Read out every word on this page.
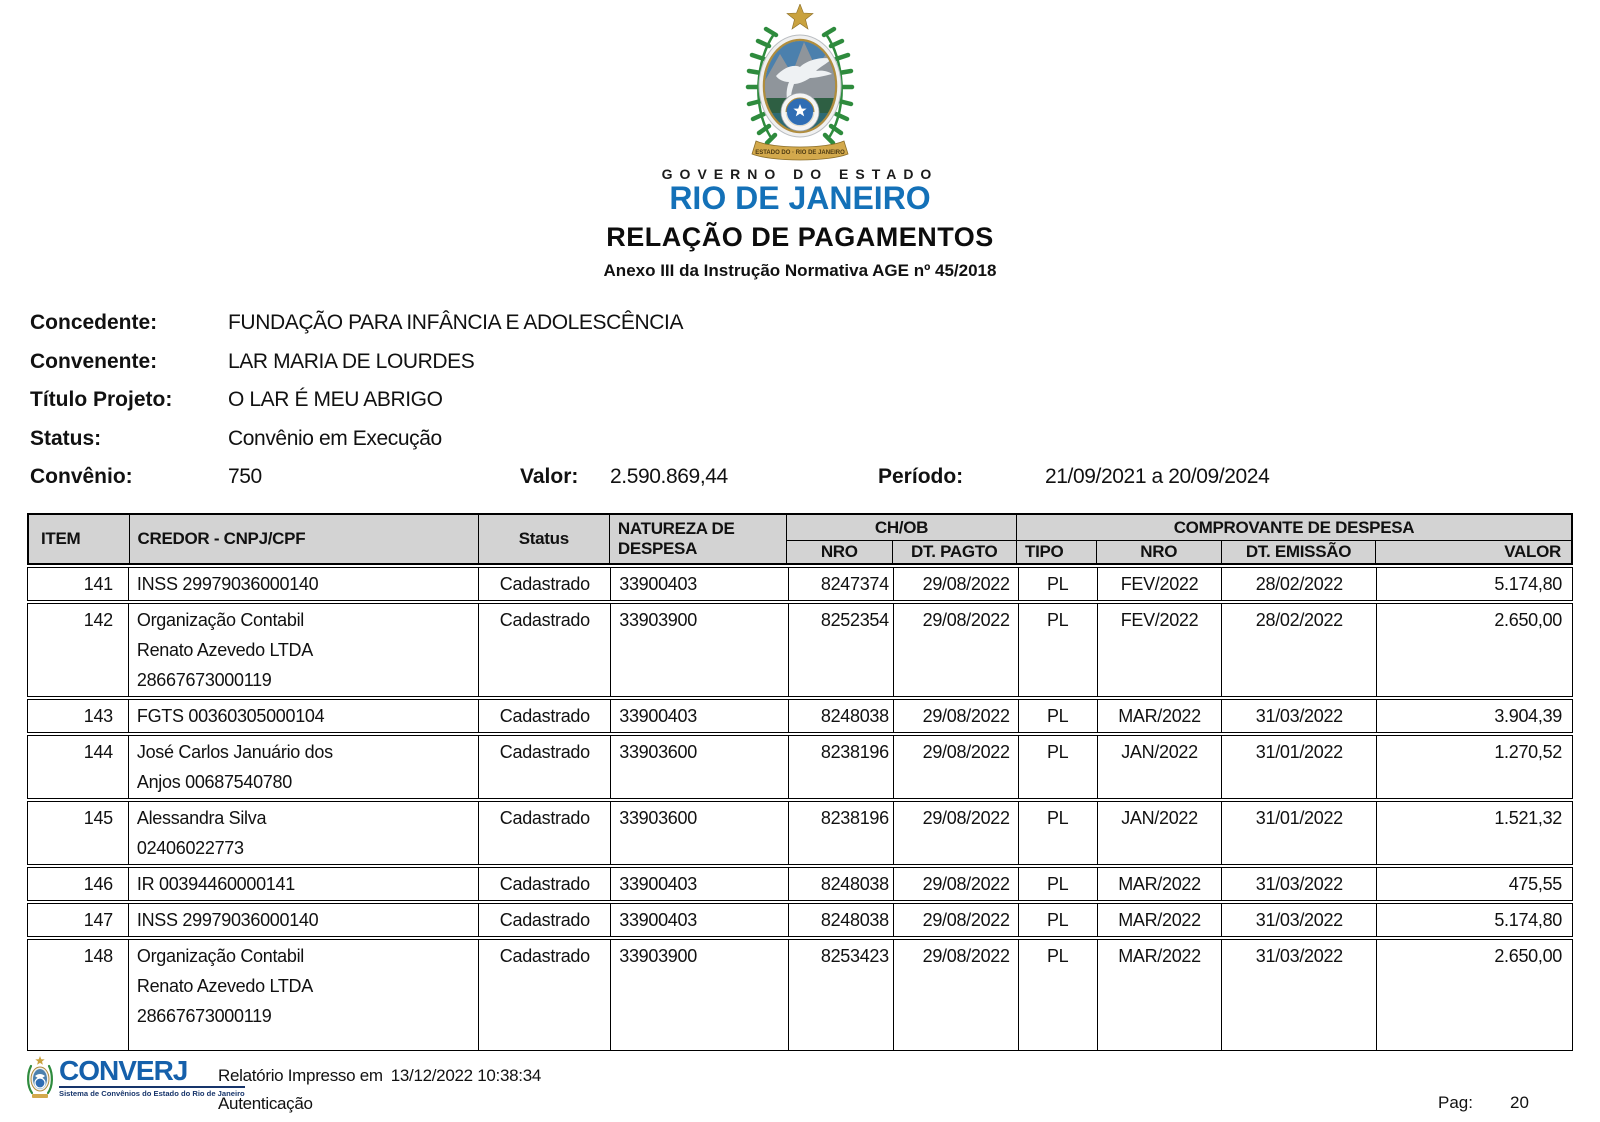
ESTADO DO · RIO DE JANEIRO
GOVERNO DO ESTADO
RIO DE JANEIRO
RELAÇÃO DE PAGAMENTOS
Anexo III da Instrução Normativa AGE nº 45/2018
Concedente:	FUNDAÇÃO PARA INFÂNCIA E ADOLESCÊNCIA
Convenente:	LAR MARIA DE LOURDES
Título Projeto:	O LAR É MEU ABRIGO
Status:	Convênio em Execução
Convênio:	750	Valor: 2.590.869,44	Período:	21/09/2021 a 20/09/2024
ITEM	CREDOR - CNPJ/CPF	Status
NATUREZA DE DESPESA
CH/OB
NRO	DT. PAGTO
COMPROVANTE DE DESPESA
TIPO	NRO	DT. EMISSÃO	VALOR
141	INSS 29979036000140	Cadastrado	33900403	8247374	29/08/2022	PL	FEV/2022	28/02/2022	5.174,80
142	Organização Contabil
Renato Azevedo LTDA
28667673000119
Cadastrado	33903900	8252354	29/08/2022	PL	FEV/2022	28/02/2022	2.650,00
143	FGTS 00360305000104	Cadastrado	33900403	8248038	29/08/2022	PL	MAR/2022	31/03/2022	3.904,39
144	José Carlos Januário dos
Anjos 00687540780
Cadastrado	33903600	8238196	29/08/2022	PL	JAN/2022	31/01/2022	1.270,52
145	Alessandra Silva
02406022773
Cadastrado	33903600	8238196	29/08/2022	PL	JAN/2022	31/01/2022	1.521,32
146	IR 00394460000141	Cadastrado	33900403	8248038	29/08/2022	PL	MAR/2022	31/03/2022	475,55
147	INSS 29979036000140	Cadastrado	33900403	8248038	29/08/2022	PL	MAR/2022	31/03/2022	5.174,80
148	Organização Contabil
Renato Azevedo LTDA
28667673000119
Cadastrado	33903900	8253423	29/08/2022	PL	MAR/2022	31/03/2022	2.650,00
CONVERJ
Sistema de Convênios do Estado do Rio de Janeiro
Relatório Impresso em 13/12/2022 10:38:34
Autenticação	Pag: 20
